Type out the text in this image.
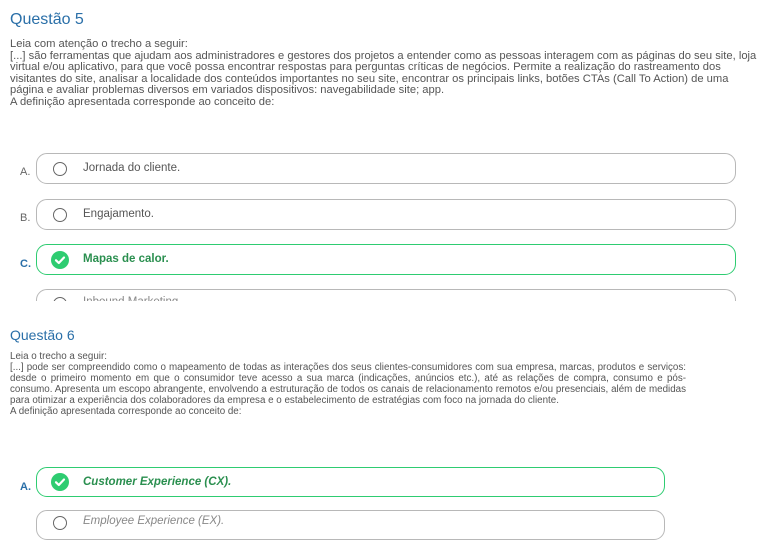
Questão 5

Leia com atenção o trecho a seguir:

[...] são ferramentas que ajudam aos administradores e gestores dos projetos a entender como as pessoas interagem com as páginas do seu site, loja virtual e/ou aplicativo, para que você possa encontrar respostas para perguntas críticas de negócios. Permite a realização do rastreamento dos visitantes do site, analisar a localidade dos conteúdos importantes no seu site, encontrar os principais links, botões CTAs (Call To Action) de uma página e avaliar problemas diversos em variados dispositivos: navegabilidade site; app.

A definição apresentada corresponde ao conceito de:

A.	Jornada do cliente.
B.	Engajamento.
C.	Mapas de calor.
Questão 6

Leia o trecho a seguir:

[...] pode ser compreendido como o mapeamento de todas as interações dos seus clientes-consumidores com sua empresa, marcas, produtos e serviços: desde o primeiro momento em que o consumidor teve acesso a sua marca (indicações, anúncios etc.), até as relações de compra, consumo e pós-consumo. Apresenta um escopo abrangente, envolvendo a estruturação de todos os canais de relacionamento remotos e/ou presenciais, além de medidas para otimizar a experiência dos colaboradores da empresa e o estabelecimento de estratégias com foco na jornada do cliente.

A definição apresentada corresponde ao conceito de:

A.	Customer Experience (CX).
Employee Experience (EX).
